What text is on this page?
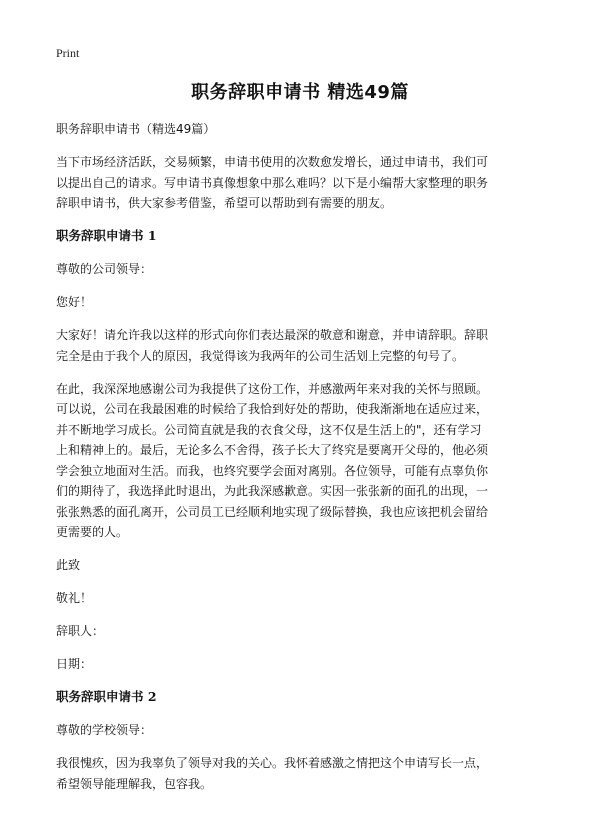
Print
职务辞职申请书 精选49篇
职务辞职申请书（精选49篇）
当下市场经济活跃，交易频繁，申请书使用的次数愈发增长，通过申请书，我们可
以提出自己的请求。写申请书真像想象中那么难吗？以下是小编帮大家整理的职务
辞职申请书，供大家参考借鉴，希望可以帮助到有需要的朋友。
职务辞职申请书 1
尊敬的公司领导：
您好！
大家好！请允许我以这样的形式向你们表达最深的敬意和谢意，并申请辞职。辞职
完全是由于我个人的原因，我觉得该为我两年的公司生活划上完整的句号了。
在此，我深深地感谢公司为我提供了这份工作，并感激两年来对我的关怀与照顾。
可以说，公司在我最困难的时候给了我恰到好处的帮助，使我渐渐地在适应过来，
并不断地学习成长。公司简直就是我的衣食父母，这不仅是生活上的"，还有学习
上和精神上的。最后，无论多么不舍得，孩子长大了终究是要离开父母的，他必须
学会独立地面对生活。而我，也终究要学会面对离别。各位领导，可能有点辜负你
们的期待了，我选择此时退出，为此我深感歉意。实因一张张新的面孔的出现，一
张张熟悉的面孔离开，公司员工已经顺利地实现了级际替换，我也应该把机会留给
更需要的人。
此致
敬礼！
辞职人：
日期：
职务辞职申请书 2
尊敬的学校领导：
我很愧疚，因为我辜负了领导对我的关心。我怀着感激之情把这个申请写长一点，
希望领导能理解我，包容我。
